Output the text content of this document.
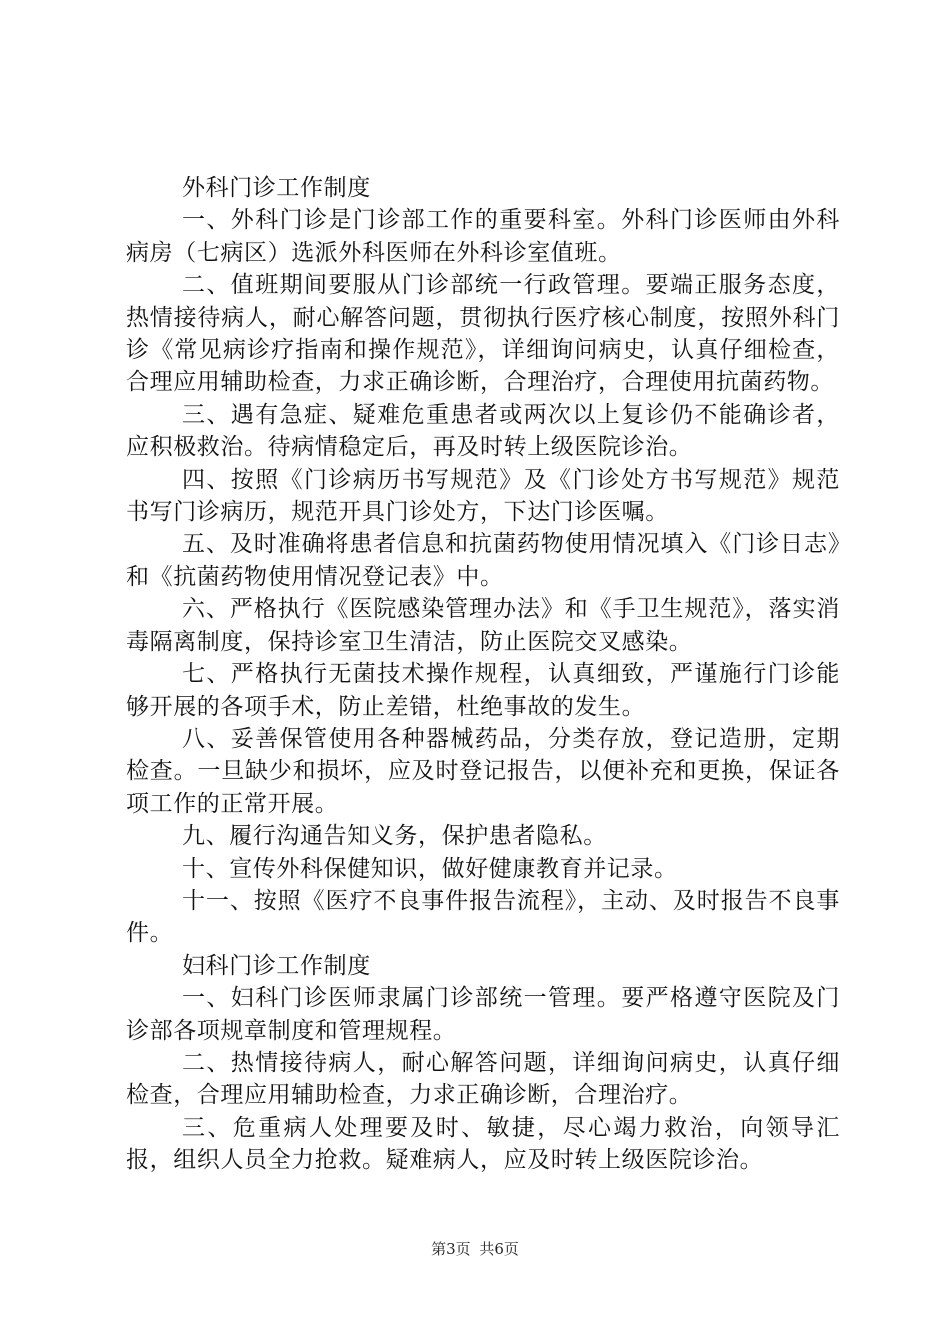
外科门诊工作制度

一、外科门诊是门诊部工作的重要科室。外科门诊医师由外科病房（七病区）选派外科医师在外科诊室值班。

二、值班期间要服从门诊部统一行政管理。要端正服务态度，热情接待病人，耐心解答问题，贯彻执行医疗核心制度，按照外科门诊《常见病诊疗指南和操作规范》，详细询问病史，认真仔细检查，合理应用辅助检查，力求正确诊断，合理治疗，合理使用抗菌药物。

三、遇有急症、疑难危重患者或两次以上复诊仍不能确诊者，应积极救治。待病情稳定后，再及时转上级医院诊治。

四、按照《门诊病历书写规范》及《门诊处方书写规范》规范书写门诊病历，规范开具门诊处方，下达门诊医嘱。

五、及时准确将患者信息和抗菌药物使用情况填入《门诊日志》和《抗菌药物使用情况登记表》中。

六、严格执行《医院感染管理办法》和《手卫生规范》，落实消毒隔离制度，保持诊室卫生清洁，防止医院交叉感染。

七、严格执行无菌技术操作规程，认真细致，严谨施行门诊能够开展的各项手术，防止差错，杜绝事故的发生。

八、妥善保管使用各种器械药品，分类存放，登记造册，定期检查。一旦缺少和损坏，应及时登记报告，以便补充和更换，保证各项工作的正常开展。

九、履行沟通告知义务，保护患者隐私。

十、宣传外科保健知识，做好健康教育并记录。

十一、按照《医疗不良事件报告流程》，主动、及时报告不良事件。

妇科门诊工作制度

一、妇科门诊医师隶属门诊部统一管理。要严格遵守医院及门诊部各项规章制度和管理规程。

二、热情接待病人，耐心解答问题，详细询问病史，认真仔细检查，合理应用辅助检查，力求正确诊断，合理治疗。

三、危重病人处理要及时、敏捷，尽心竭力救治，向领导汇报，组织人员全力抢救。疑难病人，应及时转上级医院诊治。

第3页 共6页
